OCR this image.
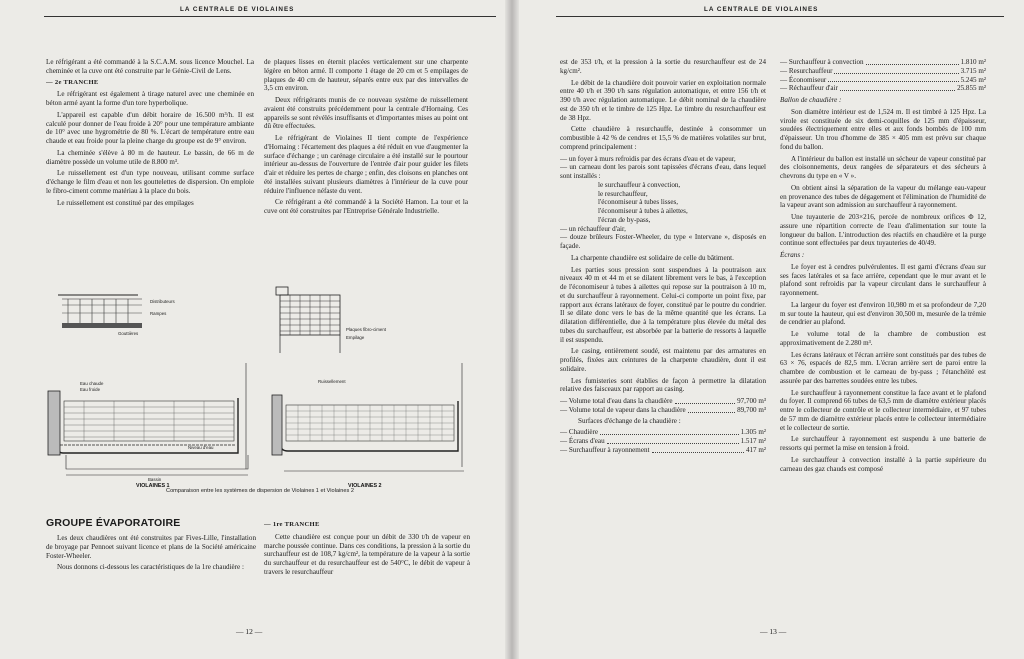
LA CENTRALE DE VIOLAINES

Le réfrigérant a été commandé à la S.C.A.M. sous licence Mouchel. La cheminée et la cuve ont été construite par le Génie-Civil de Lens.

— 2e TRANCHE

Le réfrigérant est également à tirage naturel avec une cheminée en béton armé ayant la forme d'un tore hyperbolique.

L'appareil est capable d'un débit horaire de 16.500 m³/h. Il est calculé pour donner de l'eau froide à 20° pour une température ambiante de 10° avec une hygrométrie de 80 %. L'écart de température entre eau chaude et eau froide pour la pleine charge du groupe est de 9° environ.

La cheminée s'élève à 80 m de hauteur. Le bassin, de 66 m de diamètre possède un volume utile de 8.800 m³.

Le ruissellement est d'un type nouveau, utilisant comme surface d'échange le film d'eau et non les gouttelettes de dispersion. On emploie le fibro-ciment comme matériau à la place du bois.

Le ruissellement est constitué par des empilages

de plaques lisses en éternit placées verticalement sur une charpente légère en béton armé. Il comporte 1 étage de 20 cm et 5 empilages de plaques de 40 cm de hauteur, séparés entre eux par des intervalles de 3,5 cm environ.

Deux réfrigérants munis de ce nouveau système de ruissellement avaient été construits précédemment pour la centrale d'Hornaing. Ces appareils se sont révélés insuffisants et d'importantes mises au point ont dû être effectuées.

Le réfrigérant de Violaines II tient compte de l'expérience d'Hornaing : l'écartement des plaques a été réduit en vue d'augmenter la surface d'échange ; un carénage circulaire a été installé sur le pourtour intérieur au-dessus de l'ouverture de l'entrée d'air pour guider les filets d'air et réduire les pertes de charge ; enfin, des cloisons en planches ont été installées suivant plusieurs diamètres à l'intérieur de la cuve pour réduire l'influence néfaste du vent.

Ce réfrigérant a été commandé à la Société Hamon. La tour et la cuve ont été construites par l'Entreprise Générale Industrielle.

Distributeurs
Rampes
Gouttières
Eau chaude
Eau froide
Bassin
Niveau d'eau
VIOLAINES 1
Plaques fibro-ciment
Empilage
Ruissellement
VIOLAINES 2
Comparaison entre les systèmes de dispersion de Violaines 1 et Violaines 2
GROUPE ÉVAPORATOIRE

Les deux chaudières ont été construites par Fives-Lille, l'installation de broyage par Pennoet suivant licence et plans de la Société américaine Foster-Wheeler.

Nous donnons ci-dessous les caractéristiques de la 1re chaudière :

— 1re TRANCHE

Cette chaudière est conçue pour un débit de 330 t/h de vapeur en marche poussée continue. Dans ces conditions, la pression à la sortie du surchauffeur est de 108,7 kg/cm², la température de la vapeur à la sortie du surchauffeur et du resurchauffeur est de 540°C, le débit de vapeur à travers le resurchauffeur

— 12 —
LA CENTRALE DE VIOLAINES

est de 353 t/h, et la pression à la sortie du resurchauffeur est de 24 kg/cm².

Le débit de la chaudière doit pouvoir varier en exploitation normale entre 40 t/h et 390 t/h sans régulation automatique, et entre 156 t/h et 390 t/h avec régulation automatique. Le débit nominal de la chaudière est de 350 t/h et le timbre de 125 Hpz. Le timbre du resurchauffeur est de 38 Hpz.

Cette chaudière à resurchauffe, destinée à consommer un combustible à 42 % de cendres et 15,5 % de matières volatiles sur brut, comprend principalement :

— un foyer à murs refroidis par des écrans d'eau et de vapeur,
— un carneau dont les parois sont tapissées d'écrans d'eau, dans lequel sont installés :
le surchauffeur à convection,
le resurchauffeur,
l'économiseur à tubes lisses,
l'économiseur à tubes à ailettes,
l'écran de by-pass,
— un réchauffeur d'air,
— douze brûleurs Foster-Wheeler, du type « Intervane », disposés en façade.

La charpente chaudière est solidaire de celle du bâtiment.

Les parties sous pression sont suspendues à la poutraison aux niveaux 40 m et 44 m et se dilatent librement vers le bas, à l'exception de l'économiseur à tubes à ailettes qui repose sur la poutraison à 10 m, et du surchauffeur à rayonnement. Celui-ci comporte un point fixe, par rapport aux écrans latéraux de foyer, constitué par le poutre du condrier. Il se dilate donc vers le bas de la même quantité que les écrans. La dilatation différentielle, due à la température plus élevée du métal des tubes du surchauffeur, est absorbée par la batterie de ressorts à laquelle il est suspendu.

Le casing, entièrement soudé, est maintenu par des armatures en profilés, fixées aux ceintures de la charpente chaudière, dont il est solidaire.

Les fumisteries sont établies de façon à permettre la dilatation relative des faisceaux par rapport au casing.

— Volume total d'eau dans la chaudière	97,700 m³
— Volume total de vapeur dans la chaudière	89,700 m³

Surfaces d'échange de la chaudière :

— Chaudière	1.305 m²
— Écrans d'eau	1.517 m²
— Surchauffeur à rayonnement	417 m²
— Surchauffeur à convection	1.810 m²
— Resurchauffeur	3.715 m²
— Économiseur	5.245 m²
— Réchauffeur d'air	25.855 m²

Ballon de chaudière :

Son diamètre intérieur est de 1,524 m. Il est timbré à 125 Hpz. La virole est constituée de six demi-coquilles de 125 mm d'épaisseur, soudées électriquement entre elles et aux fonds bombés de 100 mm d'épaisseur. Un trou d'homme de 385 × 405 mm est prévu sur chaque fond du ballon.

A l'intérieur du ballon est installé un sécheur de vapeur constitué par des cloisonnements, deux rangées de séparateurs et des sécheurs à chevrons du type en « V ».

On obtient ainsi la séparation de la vapeur du mélange eau-vapeur en provenance des tubes de dégagement et l'élimination de l'humidité de la vapeur avant son admission au surchauffeur à rayonnement.

Une tuyauterie de 203×216, percée de nombreux orifices Φ 12, assure une répartition correcte de l'eau d'alimentation sur toute la longueur du ballon. L'introduction des réactifs en chaudière et la purge continue sont effectuées par deux tuyauteries de 40/49.

Écrans :

Le foyer est à cendres pulvérulentes. Il est garni d'écrans d'eau sur ses faces latérales et sa face arrière, cependant que le mur avant et le plafond sont refroidis par la vapeur circulant dans le surchauffeur à rayonnement.

La largeur du foyer est d'environ 10,980 m et sa profondeur de 7,20 m sur toute la hauteur, qui est d'environ 30,500 m, mesurée de la trémie de cendrier au plafond.

Le volume total de la chambre de combustion est approximativement de 2.280 m³.

Les écrans latéraux et l'écran arrière sont constitués par des tubes de 63 × 76, espacés de 82,5 mm. L'écran arrière sert de paroi entre la chambre de combustion et le carneau de by-pass ; l'étanchéité est assurée par des barrettes soudées entre les tubes.

Le surchauffeur à rayonnement constitue la face avant et le plafond du foyer. Il comprend 66 tubes de 63,5 mm de diamètre extérieur placés entre le collecteur de contrôle et le collecteur intermédiaire, et 97 tubes de 57 mm de diamètre extérieur placés entre le collecteur intermédiaire et le collecteur de sortie.

Le surchauffeur à rayonnement est suspendu à une batterie de ressorts qui permet la mise en tension à froid.

Le surchauffeur à convection installé à la partie supérieure du carneau des gaz chauds est composé

— 13 —
